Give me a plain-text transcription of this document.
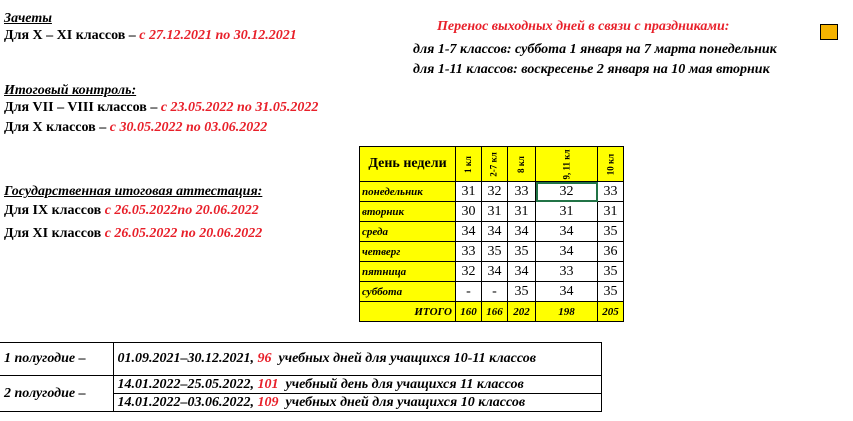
Зачеты
Для X – XI классов – с 27.12.2021 по 30.12.2021
Итоговый контроль:
Для VII – VIII классов – с 23.05.2022 по 31.05.2022
Для X классов – с 30.05.2022 по 03.06.2022
Государственная итоговая аттестация:
Для IX классов с 26.05.2022по 20.06.2022
Для XI классов с 26.05.2022 по 20.06.2022
Перенос выходных дней в связи с праздниками:
для 1-7 классов: суббота 1 января на 7 марта понедельник
для 1-11 классов: воскресенье 2 января на 10 мая вторник
День недели	1 кл	2-7 кл	8 кл	9, 11 кл	10 кл
понедельник	31	32	33	32	33
вторник	30	31	31	31	31
среда	34	34	34	34	35
четверг	33	35	35	34	36
пятница	32	34	34	33	35
суббота	-	-	35	34	35
ИТОГО	160	166	202	198	205
1 полугодие –	01.09.2021–30.12.2021, 96  учебных дней для учащихся 10-11 классов
2 полугодие –	14.01.2022–25.05.2022, 101  учебный день для учащихся 11 классов
	14.01.2022–03.06.2022, 109  учебных дней для учащихся 10 классов
